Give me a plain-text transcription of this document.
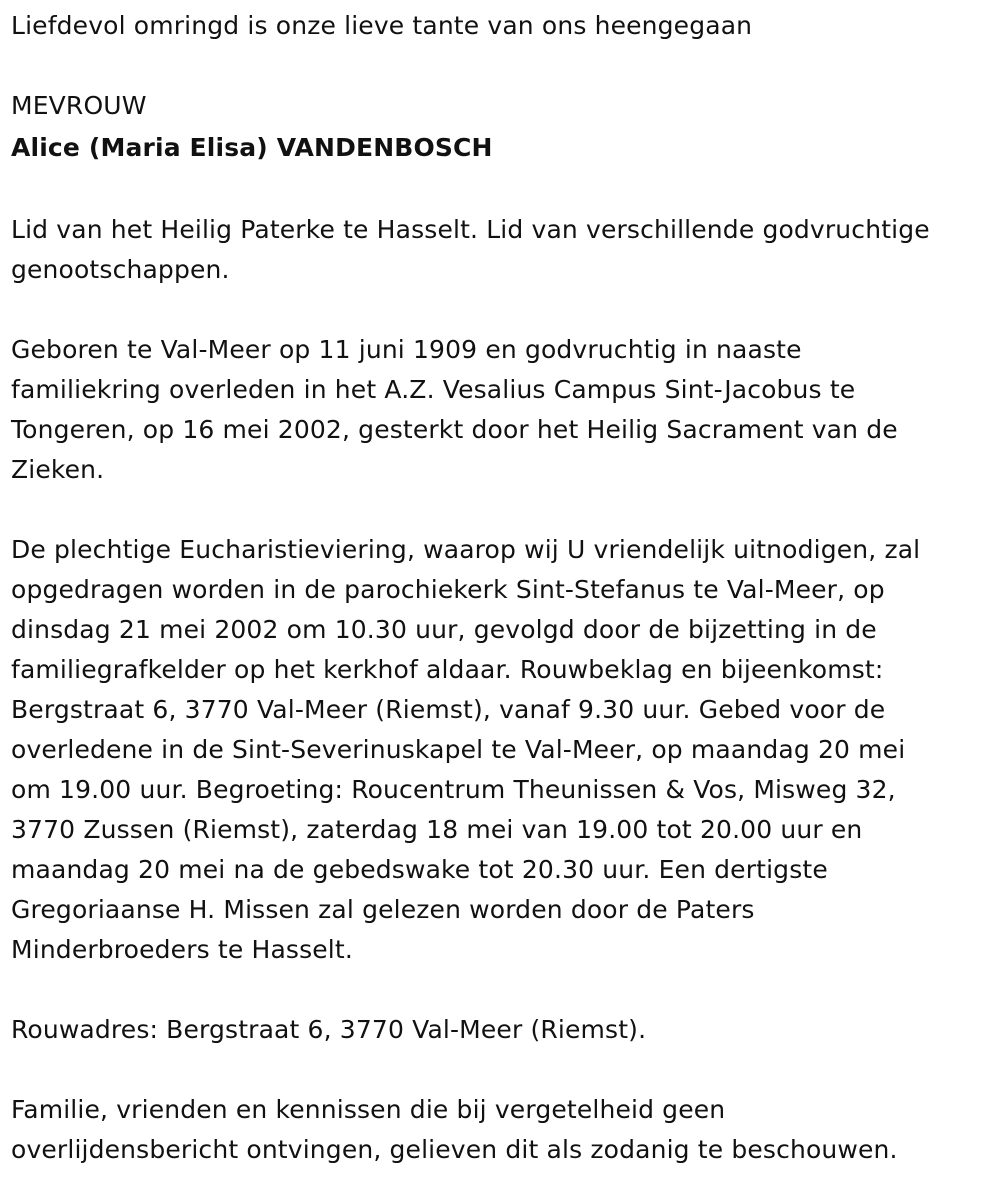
Liefdevol omringd is onze lieve tante van ons heengegaan
MEVROUW
Alice (Maria Elisa) VANDENBOSCH
Lid van het Heilig Paterke te Hasselt. Lid van verschillende godvruchtige
genootschappen.
Geboren te Val-Meer op 11 juni 1909 en godvruchtig in naaste
familiekring overleden in het A.Z. Vesalius Campus Sint-Jacobus te
Tongeren, op 16 mei 2002, gesterkt door het Heilig Sacrament van de
Zieken.
De plechtige Eucharistieviering, waarop wij U vriendelijk uitnodigen, zal
opgedragen worden in de parochiekerk Sint-Stefanus te Val-Meer, op
dinsdag 21 mei 2002 om 10.30 uur, gevolgd door de bijzetting in de
familiegrafkelder op het kerkhof aldaar. Rouwbeklag en bijeenkomst:
Bergstraat 6, 3770 Val-Meer (Riemst), vanaf 9.30 uur. Gebed voor de
overledene in de Sint-Severinuskapel te Val-Meer, op maandag 20 mei
om 19.00 uur. Begroeting: Roucentrum Theunissen & Vos, Misweg 32,
3770 Zussen (Riemst), zaterdag 18 mei van 19.00 tot 20.00 uur en
maandag 20 mei na de gebedswake tot 20.30 uur. Een dertigste
Gregoriaanse H. Missen zal gelezen worden door de Paters
Minderbroeders te Hasselt.
Rouwadres: Bergstraat 6, 3770 Val-Meer (Riemst).
Familie, vrienden en kennissen die bij vergetelheid geen
overlijdensbericht ontvingen, gelieven dit als zodanig te beschouwen.
